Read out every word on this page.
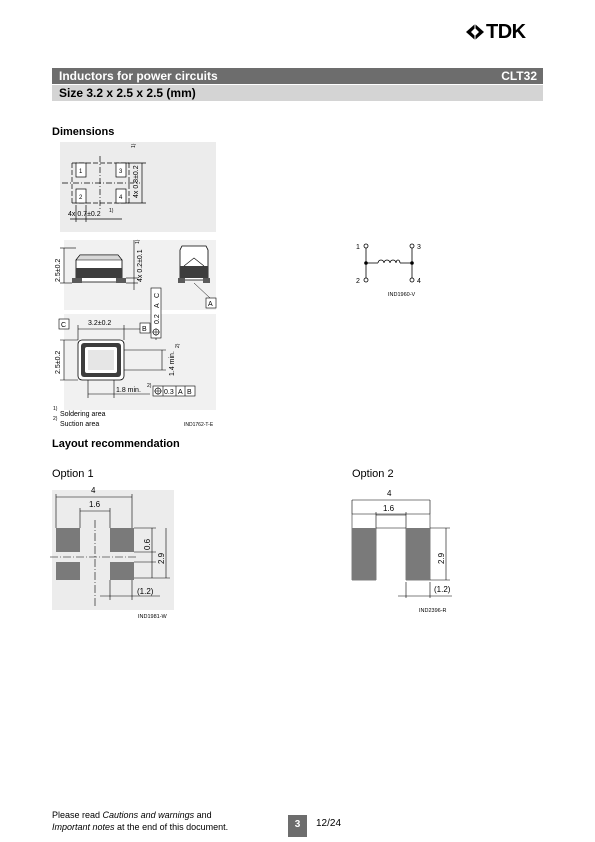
TDK
Inductors for power circuits	CLT32
Size 3.2 x 2.5 x 2.5 (mm)
Dimensions
Layout recommendation
Option 1	Option 2
1	3
2	4 4x 0.8±0.2
1)
4x 0.7±0.2 1)
2.5±0.2	4x 0.2±0.1
1)
A
C
B
3.2±0.2
2.5±0.2	1.4 min.
2)
1.8 min.
2)
0.2
A
C
0.3 A B
1)
Soldering area
2)
Suction area	IND1762-T-E
1	3
2	4
IND1960-V
4
1.6
0.6
2.9
(1.2)
IND1981-W
4
1.6
2.9
(1.2)
IND2396-R
Please read Cautions and warnings and
Important notes at the end of this document.	3	12/24
